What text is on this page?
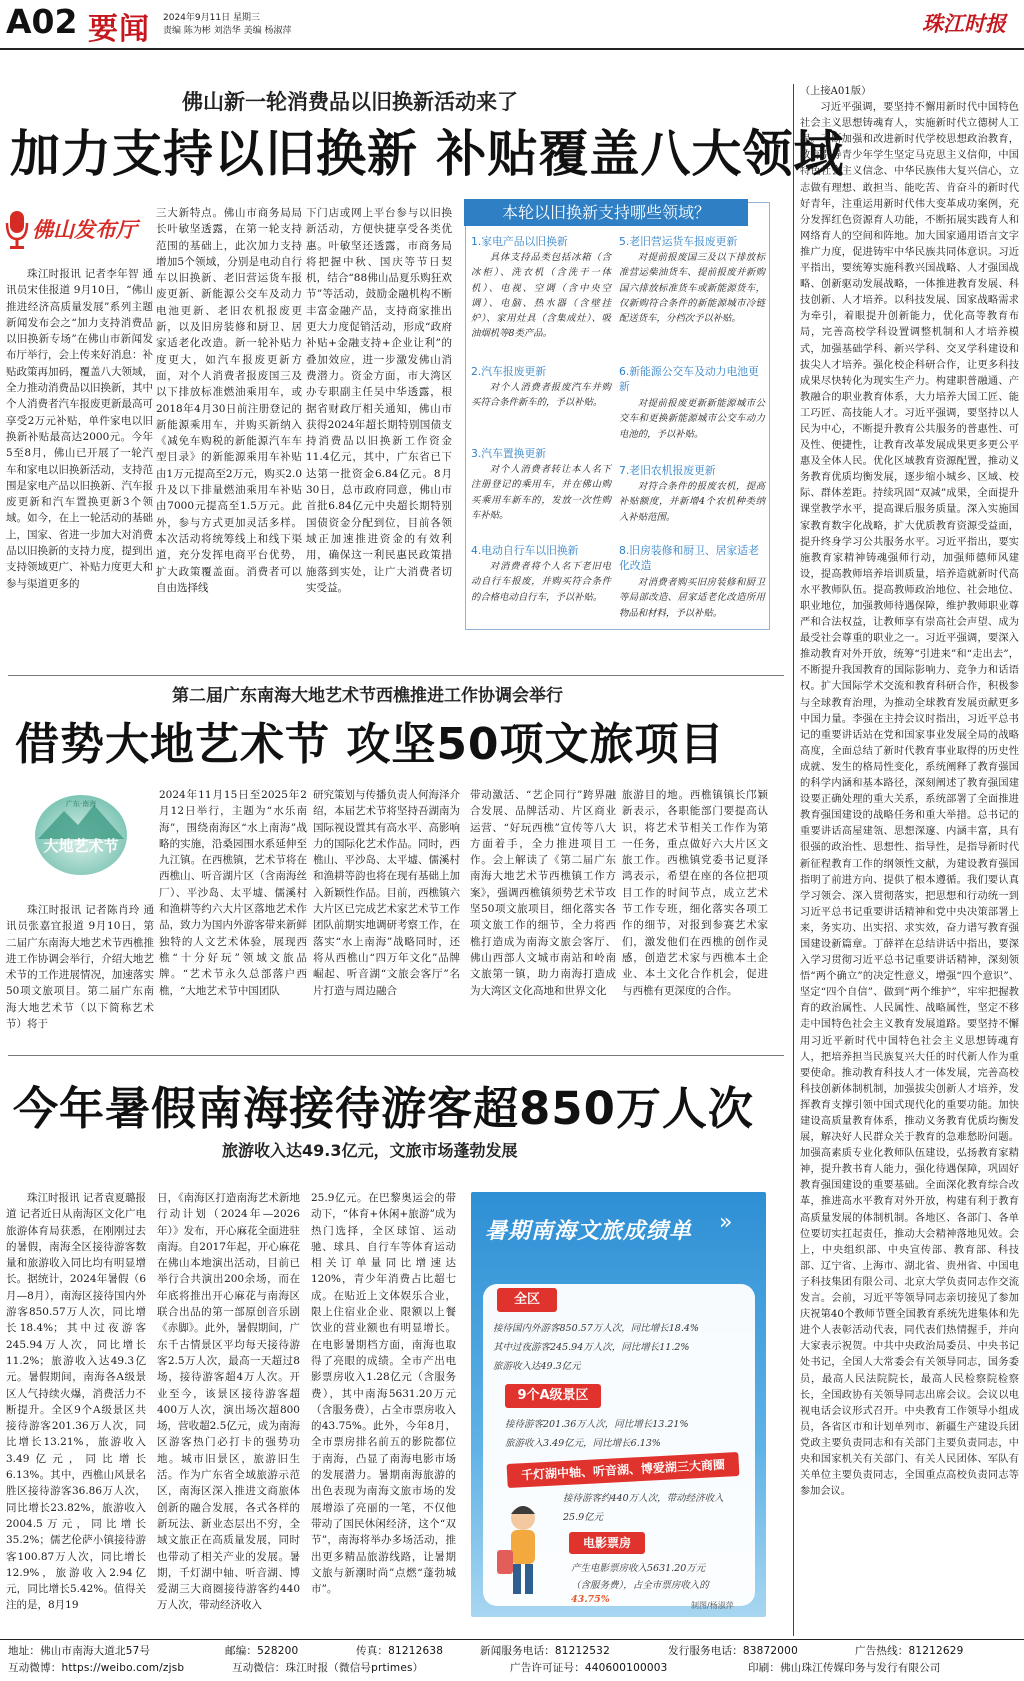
A02 要闻 2024年9月11日 星期三
责编 陈为彬 刘浩华 美编 杨淑萍	珠江时报
佛山新一轮消费品以旧换新活动来了
加力支持以旧换新 补贴覆盖八大领域
佛山发布厅

珠江时报讯 记者李年智 通讯员宋佳报道 9月10日，“佛山推进经济高质量发展”系列主题新闻发布会之“加力支持消费品以旧换新专场”在佛山市新闻发布厅举行，会上传来好消息：补贴政策再加码，覆盖八大领域，全力推动消费品以旧换新，其中个人消费者汽车报废更新最高可享受2万元补贴，单件家电以旧换新补贴最高达2000元。今年5至8月，佛山已开展了一轮汽车和家电以旧换新活动，支持范围是家电产品以旧换新、汽车报废更新和汽车置换更新3个领域。如今，在上一轮活动的基础上，国家、省进一步加大对消费品以旧换新的支持力度，提到出支持领域更广、补贴力度更大和参与渠道更多的

三大新特点。佛山市商务局局长叶敏坚透露，在第一轮支持范围的基础上，此次加力支持增加5个领域，分别是电动自行车以旧换新、老旧营运货车报废更新、新能源公交车及动力电池更新、老旧农机报废更新，以及旧房装修和厨卫、居家适老化改造。新一轮补贴力度更大，如汽车报废更新方面，对个人消费者报废国三及以下排放标准燃油乘用车，或2018年4月30日前注册登记的新能源乘用车，并购买新纳入《减免车购税的新能源汽车车型目录》的新能源乘用车补贴由1万元提高至2万元，购买2.0升及以下排量燃油乘用车补贴由7000元提高至1.5万元。此外，参与方式更加灵活多样。本次活动将统筹线上和线下渠道，充分发挥电商平台优势，扩大政策覆盖面。消费者可以自由选择线

下门店或网上平台参与以旧换新活动，方便快捷享受各类优惠。叶敏坚还透露，市商务局将把握中秋、国庆等节日契机，结合“88佛山品夏乐购狂欢节”等活动，鼓励金融机构不断丰富金融产品，支持商家推出更大力度促销活动，形成“政府补贴+金融支持+企业让利”的叠加效应，进一步激发佛山消费潜力。资金方面，市大湾区办专职副主任吴中华透露，根据省财政厅相关通知，佛山市获得2024年超长期特别国债支持消费品以旧换新工作资金11.4亿元，其中，广东省已下达第一批资金6.84亿元。8月30日，总市政府同意，佛山市首批6.84亿元中央超长期特别国债资金分配到位，目前各领域正加速推进资金的有效利用，确保这一利民惠民政策措施落到实处，让广大消费者切实受益。

本轮以旧换新支持哪些领域？
1.家电产品以旧换新
具体支持品类包括冰箱（含冰柜）、洗衣机（含洗干一体机）、电视、空调（含中央空调）、电脑、热水器（含壁挂炉）、家用灶具（含集成灶）、吸油烟机等8类产品。
2.汽车报废更新
对个人消费者报废汽车并购买符合条件新车的，予以补贴。
3.汽车置换更新
对个人消费者转让本人名下注册登记的乘用车，并在佛山购买乘用车新车的，发放一次性购车补贴。
4.电动自行车以旧换新
对消费者将个人名下老旧电动自行车报废，并购买符合条件的合格电动自行车，予以补贴。
5.老旧营运货车报废更新
对提前报废国三及以下排放标准营运柴油货车、提前报废并新购国六排放标准货车或新能源货车，仅新购符合条件的新能源城市冷链配送货车，分档次予以补贴。
6.新能源公交车及动力电池更新
对提前报废更新新能源城市公交车和更换新能源城市公交车动力电池的，予以补贴。
7.老旧农机报废更新
对符合条件的报废农机，提高补贴额度，并新增4个农机种类纳入补贴范围。
8.旧房装修和厨卫、居家适老化改造
对消费者购买旧房装修和厨卫等局部改造、居家适老化改造所用物品和材料，予以补贴。
第二届广东南海大地艺术节西樵推进工作协调会举行
借势大地艺术节 攻坚50项文旅项目
广东·南海
大地艺术节

珠江时报讯 记者陈肖玲 通讯员张嘉宜报道 9月10日，第二届广东南海大地艺术节西樵推进工作协调会举行，介绍大地艺术节的工作进展情况，加速落实50项文旅项目。第二届广东南海大地艺术节（以下简称艺术节）将于

2024年11月15日至2025年2月12日举行，主题为“水乐南海”，围绕南海区“水上南海”战略的实施，沿桑园围水系延伸至九江镇。在西樵镇，艺术节将在西樵山、听音湖片区（含南海丝厂）、平沙岛、太平墟、儒溪村和渔耕等约六大片区落地艺术作品，致力为国内外游客带来新鲜独特的人文艺术体验，展现西樵“十分好玩”领域文旅品牌。“艺术节永久总部落户西樵，“大地艺术节中国团队

研究策划与传播负责人何海泽介绍，本届艺术节将坚持吾湖南为国际视设置其有高水平、高影响力的国际化艺术作品。同时，西樵山、平沙岛、太平墟、儒溪村和渔耕等韵也将在现有基础上加入新颖性作品。目前，西樵镇六大片区已完成艺术家艺术节工作团队前期实地调研考察工作，在落实“水上南海”战略同时，还将从西樵山“四万年文化”品牌崛起、听音湖“文旅会客厅”名片打造与周边融合

带动激活、“艺企同行”跨界融合发展、品牌活动、片区商业运营、“好玩西樵”宣传等八大方面着手，全力推进项目工作。会上解读了《第二届广东南海大地艺术节西樵镇工作方案》，强调西樵镇须势艺术节攻坚50项文旅项目，细化落实各项文旅工作的细节，全力将西樵打造成为南海文旅会客厅、佛山西部人文城市南站和岭南文旅第一镇，助力南海打造成为大湾区文化高地和世界文化

旅游目的地。西樵镇镇长邝颖新表示，各职能部门要提高认识，将艺术节相关工作作为第一任务，重点做好六大片区文旅工作。西樵镇党委书记夏泽鸿表示，希望在座的各位把项目工作的时间节点，成立艺术节工作专班，细化落实各项工作的细节，对报到参赛艺术家们，激发他们在西樵的创作灵感，创造艺术家与西樵本土企业、本土文化合作机会，促进与西樵有更深度的合作。

今年暑假南海接待游客超850万人次
旅游收入达49.3亿元，文旅市场蓬勃发展

珠江时报讯 记者袁夏璐报道 记者近日从南海区文化广电旅游体育局获悉，在刚刚过去的暑假，南海全区接待游客数量和旅游收入同比均有明显增长。据统计，2024年暑假（6月—8月），南海区接待国内外游客850.57万人次，同比增长18.4%；其中过夜游客245.94万人次，同比增长11.2%；旅游收入达49.3亿元。暑假期间，南海各A级景区人气持续火爆，消费活力不断提升。全区9个A级景区共接待游客201.36万人次，同比增长13.21%，旅游收入3.49亿元，同比增长6.13%。其中，西樵山风景名胜区接待游客36.86万人次，同比增长23.82%，旅游收入2004.5万元，同比增长35.2%；儒艺伦萨小镇接待游客100.87万人次，同比增长12.9%，旅游收入2.94亿元，同比增长5.42%。值得关注的是，8月19

日，《南海区打造南海艺术新地行动计划（2024年—2026年）》发布，开心麻花全面进驻南海。自2017年起，开心麻花在佛山本地演出活动，目前已举行合共演出200余场，而在年底将推出开心麻花与南海区联合出品的第一部原创音乐剧《赤脚》。此外，暑假期间，广东千古情景区平均每天接待游客2.5万人次，最高一天超过8场，接待游客超4万人次。开业至今，该景区接待游客超400万人次，演出场次超800场，营收超2.5亿元，成为南海区游客热门必打卡的强势功地。城市旧景区，旅游旧生活。作为广东省全域旅游示范区，南海区深入推进文商旅体创新的融合发展，各式各样的新玩法、新业态层出不穷，全域文旅正在高质量发展，同时也带动了相关产业的发展。暑期，千灯湖中轴、听音湖、博爱湖三大商圈接待游客约440万人次，带动经济收入

25.9亿元。在巴黎奥运会的带动下，“体育+休闲+旅游”成为热门选择，全区球馆、运动驰、球具、自行车等体育运动相关订单量同比增速达120%，青少年消费占比超七成。在贴近上文体娱乐合业，限上住宿业企业、限额以上餐饮业的营业额也有明显增长。在电影暑期档方面，南海也取得了亮眼的成绩。全市产出电影票房收入1.28亿元（含服务费），其中南海5631.20万元（含服务费），占全市票房收入的43.75%。此外，今年8月，全市票房排名前五的影院都位于南海，凸显了南海电影市场的发展潜力。暑期南海旅游的出色表现为南海文旅市场的发展增添了亮丽的一笔，不仅他带动了国民休闲经济，这个“双节”，南海将举办多场活动，推出更多精品旅游线路，让暑期文旅与新潮时尚”点燃“蓬勃城市”。

暑期南海文旅成绩单 »
全区
接待国内外游客850.57万人次，同比增长18.4%
其中过夜游客245.94万人次，同比增长11.2%
旅游收入达49.3亿元
9个A级景区
接待游客201.36万人次，同比增长13.21%
旅游收入3.49亿元，同比增长6.13%
千灯湖中轴、听音湖、博爱湖三大商圈
接待游客约440万人次，带动经济收入
25.9亿元
电影票房
产生电影票房收入5631.20万元
（含服务费），占全市票房收入的
43.75%
制图/杨淑萍
（上接A01版）

习近平强调，要坚持不懈用新时代中国特色社会主义思想铸魂育人，实施新时代立德树人工程。不断加强和改进新时代学校思想政治教育，教育引导青少年学生坚定马克思主义信仰，中国特色社会主义信念、中华民族伟大复兴信心，立志做有理想、敢担当、能吃苦、肯奋斗的新时代好青年，注重运用新时代伟大变革成功案例，充分发挥红色资源育人功能，不断拓展实践育人和网络育人的空间和阵地。加大国家通用语言文字推广力度，促进铸牢中华民族共同体意识。习近平指出，要统筹实施科教兴国战略、人才强国战略、创新驱动发展战略，一体推进教育发展、科技创新、人才培养。以科技发展、国家战略需求为牵引，着眼提升创新能力，优化高等教育布局，完善高校学科设置调整机制和人才培养模式，加强基础学科、新兴学科、交叉学科建设和拔尖人才培养。强化校企科研合作，让更多科技成果尽快转化为现实生产力。构建职普融通、产教融合的职业教育体系，大力培养大国工匠、能工巧匠、高技能人才。习近平强调，要坚持以人民为中心，不断提升教育公共服务的普惠性、可及性、便捷性，让教育改革发展成果更多更公平惠及全体人民。优化区域教育资源配置，推动义务教育优质均衡发展，逐步缩小城乡、区域、校际、群体差距。持续巩固“双减”成果，全面提升课堂教学水平，提高课后服务质量。深入实施国家教育数字化战略，扩大优质教育资源受益面，提升终身学习公共服务水平。习近平指出，要实施教育家精神铸魂强师行动，加强师德师风建设，提高教师培养培训质量，培养造就新时代高水平教师队伍。提高教师政治地位、社会地位、职业地位，加强教师待遇保障，维护教师职业尊严和合法权益，让教师享有崇高社会声望、成为最受社会尊重的职业之一。习近平强调，要深入推动教育对外开放，统筹“引进来”和“走出去”，不断提升我国教育的国际影响力、竞争力和话语权。扩大国际学术交流和教育科研合作，积极参与全球教育治理，为推动全球教育发展贡献更多中国力量。李强在主持会议时指出，习近平总书记的重要讲话站在党和国家事业发展全局的战略高度，全面总结了新时代教育事业取得的历史性成就、发生的格局性变化，系统阐释了教育强国的科学内涵和基本路径，深刻阐述了教育强国建设要正确处理的重大关系，系统部署了全面推进教育强国建设的战略任务和重大举措。总书记的重要讲话高屋建瓴、思想深邃、内涵丰富，具有很强的政治性、思想性、指导性，是指导新时代新征程教育工作的纲领性文献，为建设教育强国指明了前进方向、提供了根本遵循。我们要认真学习领会、深入贯彻落实，把思想和行动统一到习近平总书记重要讲话精神和党中央决策部署上来，务实功、出实招、求实效，奋力谱写教育强国建设新篇章。丁薛祥在总结讲话中指出，要深入学习贯彻习近平总书记重要讲话精神，深刻领悟“两个确立”的决定性意义，增强“四个意识”、坚定“四个自信”、做到“两个维护”，牢牢把握教育的政治属性、人民属性、战略属性，坚定不移走中国特色社会主义教育发展道路。要坚持不懈用习近平新时代中国特色社会主义思想铸魂育人，把培养担当民族复兴大任的时代新人作为重要使命。推动教育科技人才一体发展，完善高校科技创新体制机制，加强拔尖创新人才培养，发挥教育支撑引领中国式现代化的重要功能。加快建设高质量教育体系，推动义务教育优质均衡发展，解决好人民群众关于教育的急难愁盼问题。加强高素质专业化教师队伍建设，弘扬教育家精神，提升教书育人能力，强化待遇保障，巩固好教育强国建设的重要基础。全面深化教育综合改革，推进高水平教育对外开放，构建有利于教育高质量发展的体制机制。各地区、各部门、各单位要切实扛起责任，推动大会精神落地见效。会上，中央组织部、中央宣传部、教育部、科技部、辽宁省、上海市、湖北省、贵州省、中国电子科技集团有限公司、北京大学负责同志作交流发言。会前，习近平等领导同志亲切接见了参加庆祝第40个教师节暨全国教育系统先进集体和先进个人表彰活动代表，同代表们热情握手，并向大家表示祝贺。中共中央政治局委员、中央书记处书记，全国人大常委会有关领导同志，国务委员，最高人民法院院长，最高人民检察院检察长，全国政协有关领导同志出席会议。会议以电视电话会议形式召开。中央教育工作领导小组成员，各省区市和计划单列市、新疆生产建设兵团党政主要负责同志和有关部门主要负责同志，中央和国家机关有关部门、有关人民团体、军队有关单位主要负责同志，全国重点高校负责同志等参加会议。

地址：佛山市南海大道北57号	邮编：528200	传真：81212638	新闻服务电话：81212532	发行服务电话：83872000	广告热线：81212629
互动微博：https://weibo.com/zjsb	互动微信：珠江时报（微信号prtimes）	广告许可证号：440600100003	印刷：佛山珠江传媒印务与发行有限公司
